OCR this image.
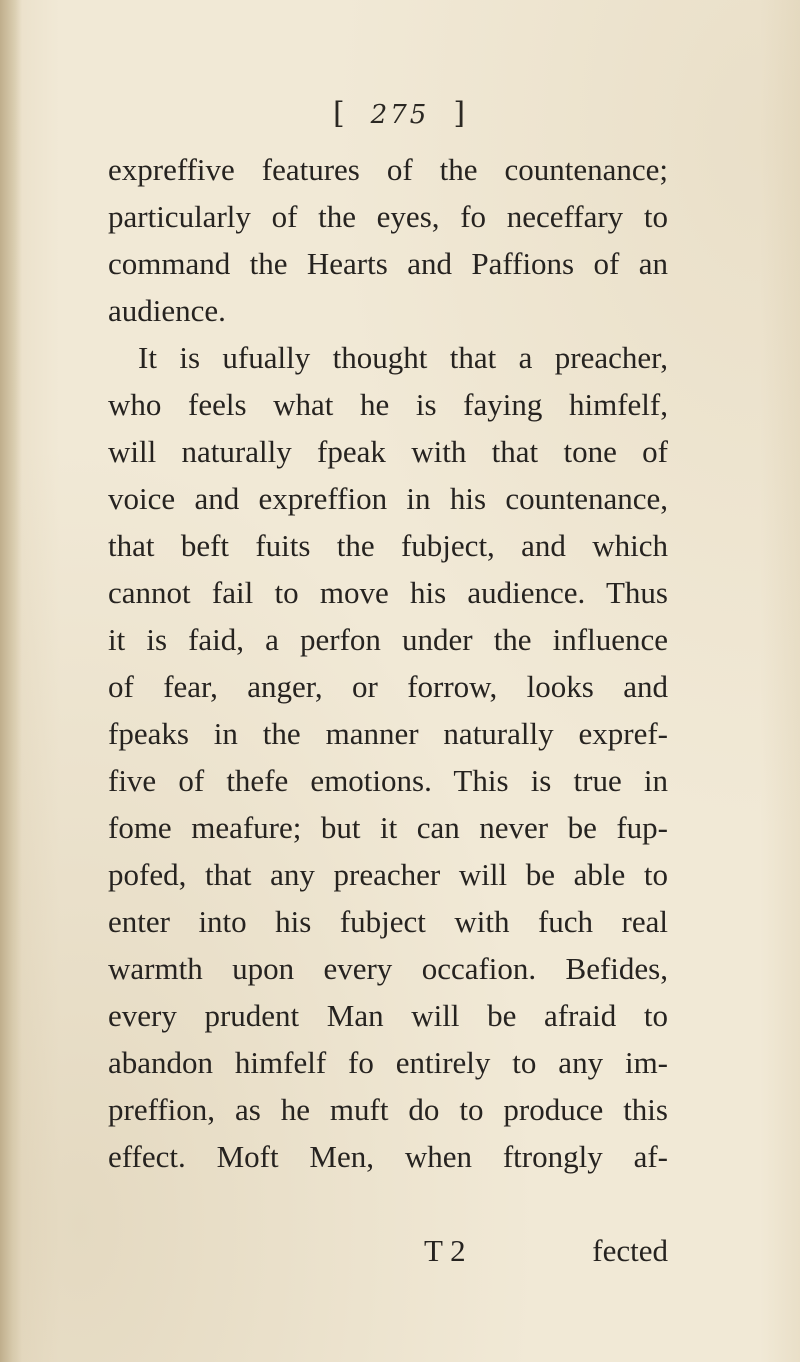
[ 275 ]
expreffive features of the countenance;
particularly of the eyes, fo neceffary to
command the Hearts and Paffions of an
audience.
It is ufually thought that a preacher,
who feels what he is faying himfelf,
will naturally fpeak with that tone of
voice and expreffion in his countenance,
that beft fuits the fubject, and which
cannot fail to move his audience. Thus
it is faid, a perfon under the influence
of fear, anger, or forrow, looks and
fpeaks in the manner naturally expref-
five of thefe emotions. This is true in
fome meafure; but it can never be fup-
pofed, that any preacher will be able to
enter into his fubject with fuch real
warmth upon every occafion. Befides,
every prudent Man will be afraid to
abandon himfelf fo entirely to any im-
preffion, as he muft do to produce this
effect. Moft Men, when ftrongly af-
T 2	fected
